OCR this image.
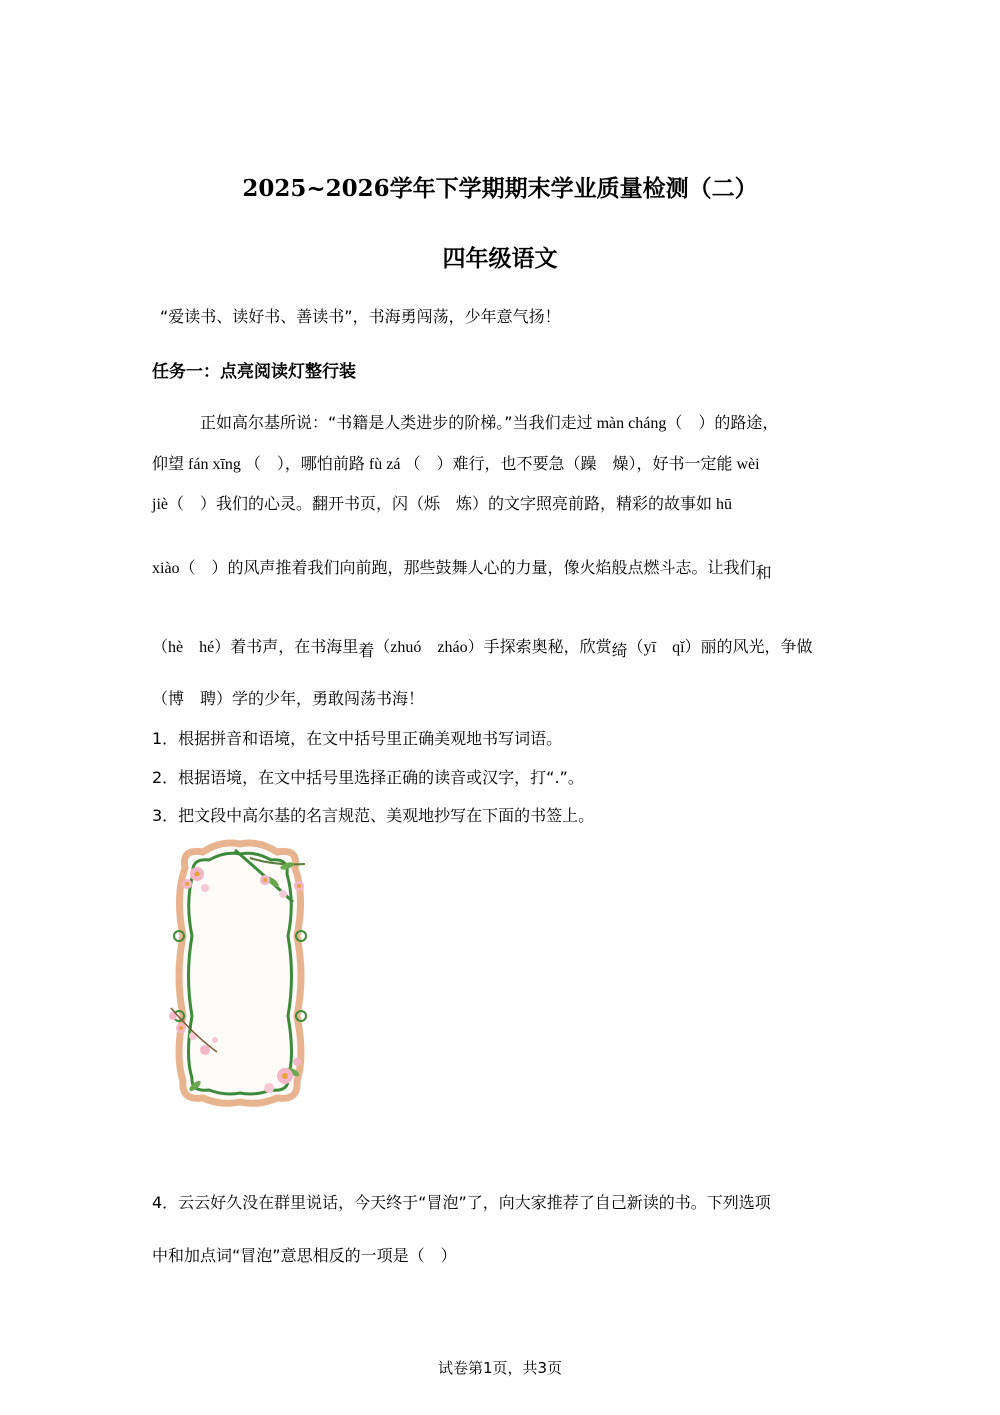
2025~2026学年下学期期末学业质量检测（二）
四年级语文
“爱读书、读好书、善读书”，书海勇闯荡，少年意气扬！
任务一：点亮阅读灯整行装
正如高尔基所说：“书籍是人类进步的阶梯。”当我们走过 màn cháng（　）的路途，
仰望 fán xīng （　），哪怕前路 fù zá （　）难行，也不要急（躁　燥），好书一定能 wèi
jiè（　）我们的心灵。翻开书页，闪（烁　炼）的文字照亮前路，精彩的故事如 hū
xiào（　）的风声推着我们向前跑，那些鼓舞人心的力量，像火焰般点燃斗志。让我们和
（hè　hé）着书声，在书海里着（zhuó　zháo）手探索奥秘，欣赏绮（yī　qǐ）丽的风光，争做
（博　聘）学的少年，勇敢闯荡书海！
1．根据拼音和语境，在文中括号里正确美观地书写词语。
2．根据语境，在文中括号里选择正确的读音或汉字，打“.”。
3．把文段中高尔基的名言规范、美观地抄写在下面的书签上。
4．云云好久没在群里说话，今天终于“冒泡”了，向大家推荐了自己新读的书。下列选项
中和加点词“冒泡”意思相反的一项是（　）
试卷第1页，共3页
